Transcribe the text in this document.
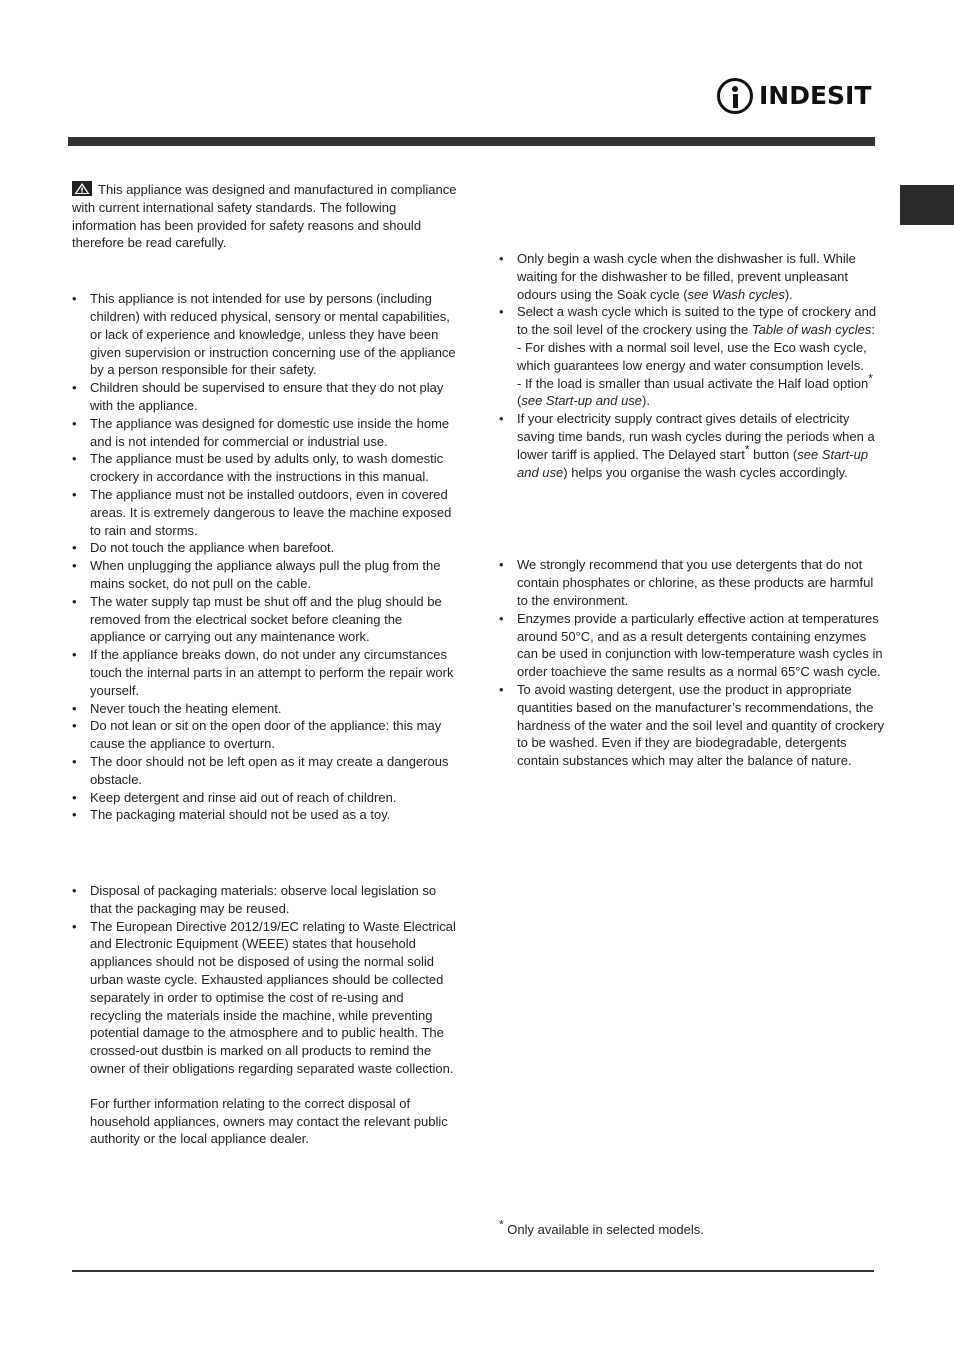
INDESIT

This appliance was designed and manufactured in compliance with current international safety standards. The following information has been provided for safety reasons and should therefore be read carefully.

• This appliance is not intended for use by persons (including children) with reduced physical, sensory or mental capabilities, or lack of experience and knowledge, unless they have been given supervision or instruction concerning use of the appliance by a person responsible for their safety.
• Children should be supervised to ensure that they do not play with the appliance.
• The appliance was designed for domestic use inside the home and is not intended for commercial or industrial use.
• The appliance must be used by adults only, to wash domestic crockery in accordance with the instructions in this manual.
• The appliance must not be installed outdoors, even in covered areas. It is extremely dangerous to leave the machine exposed to rain and storms.
• Do not touch the appliance when barefoot.
• When unplugging the appliance always pull the plug from the mains socket, do not pull on the cable.
• The water supply tap must be shut off and the plug should be removed from the electrical socket before cleaning the appliance or carrying out any maintenance work.
• If the appliance breaks down, do not under any circumstances touch the internal parts in an attempt to perform the repair work yourself.
• Never touch the heating element.
• Do not lean or sit on the open door of the appliance: this may cause the appliance to overturn.
• The door should not be left open as it may create a dangerous obstacle.
• Keep detergent and rinse aid out of reach of children.
• The packaging material should not be used as a toy.
• Disposal of packaging materials: observe local legislation so that the packaging may be reused.
• The European Directive 2012/19/EC relating to Waste Electrical and Electronic Equipment (WEEE) states that household appliances should not be disposed of using the normal solid urban waste cycle. Exhausted appliances should be collected separately in order to optimise the cost of re-using and recycling the materials inside the machine, while preventing potential damage to the atmosphere and to public health. The crossed-out dustbin is marked on all products to remind the owner of their obligations regarding separated waste collection.

For further information relating to the correct disposal of household appliances, owners may contact the relevant public authority or the local appliance dealer.

• Only begin a wash cycle when the dishwasher is full. While waiting for the dishwasher to be filled, prevent unpleasant odours using the Soak cycle (see Wash cycles).
• Select a wash cycle which is suited to the type of crockery and to the soil level of the crockery using the Table of wash cycles:
- For dishes with a normal soil level, use the Eco wash cycle, which guarantees low energy and water consumption levels.
- If the load is smaller than usual activate the Half load option* (see Start-up and use).
• If your electricity supply contract gives details of electricity saving time bands, run wash cycles during the periods when a lower tariff is applied. The Delayed start* button (see Start-up and use) helps you organise the wash cycles accordingly.
• We strongly recommend that you use detergents that do not contain phosphates or chlorine, as these products are harmful to the environment.
• Enzymes provide a particularly effective action at temperatures around 50°C, and as a result detergents containing enzymes can be used in conjunction with low-temperature wash cycles in order toachieve the same results as a normal 65°C wash cycle.
• To avoid wasting detergent, use the product in appropriate quantities based on the manufacturer’s recommendations, the hardness of the water and the soil level and quantity of crockery to be washed. Even if they are biodegradable, detergents contain substances which may alter the balance of nature.
* Only available in selected models.
